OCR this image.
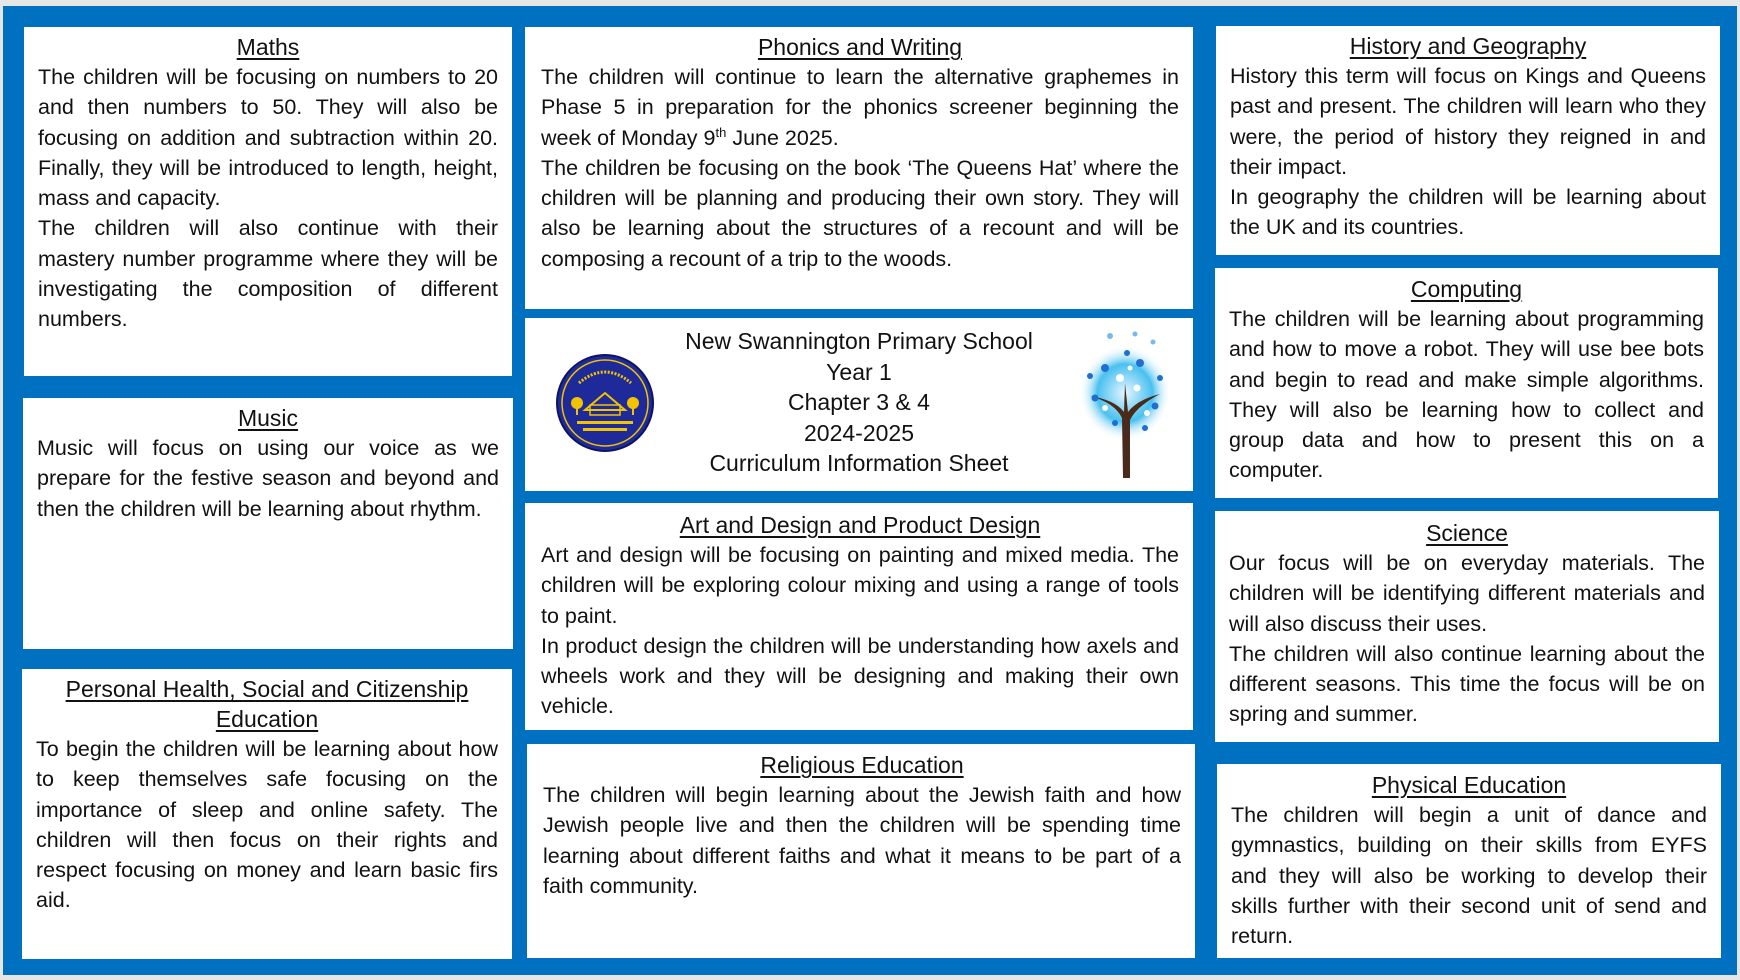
Maths

The children will be focusing on numbers to 20 and then numbers to 50. They will also be focusing on addition and subtraction within 20. Finally, they will be introduced to length, height, mass and capacity.

The children will also continue with their mastery number programme where they will be investigating the composition of different numbers.

Music

Music will focus on using our voice as we prepare for the festive season and beyond and then the children will be learning about rhythm.

Personal Health, Social and Citizenship Education

To begin the children will be learning about how to keep themselves safe focusing on the importance of sleep and online safety. The children will then focus on their rights and respect focusing on money and learn basic firs aid.

Phonics and Writing

The children will continue to learn the alternative graphemes in Phase 5 in preparation for the phonics screener beginning the week of Monday 9th June 2025.

The children be focusing on the book ‘The Queens Hat’ where the children will be planning and producing their own story. They will also be learning about the structures of a recount and will be composing a recount of a trip to the woods.

New Swannington Primary School
Year 1
Chapter 3 & 4
2024-2025
Curriculum Information Sheet
Art and Design and Product Design

Art and design will be focusing on painting and mixed media. The children will be exploring colour mixing and using a range of tools to paint.

In product design the children will be understanding how axels and wheels work and they will be designing and making their own vehicle.

Religious Education

The children will begin learning about the Jewish faith and how Jewish people live and then the children will be spending time learning about different faiths and what it means to be part of a faith community.

History and Geography

History this term will focus on Kings and Queens past and present. The children will learn who they were, the period of history they reigned in and their impact.

In geography the children will be learning about the UK and its countries.

Computing

The children will be learning about programming and how to move a robot. They will use bee bots and begin to read and make simple algorithms. They will also be learning how to collect and group data and how to present this on a computer.

Science

Our focus will be on everyday materials. The children will be identifying different materials and will also discuss their uses.

The children will also continue learning about the different seasons. This time the focus will be on spring and summer.

Physical Education

The children will begin a unit of dance and gymnastics, building on their skills from EYFS and they will also be working to develop their skills further with their second unit of send and return.
